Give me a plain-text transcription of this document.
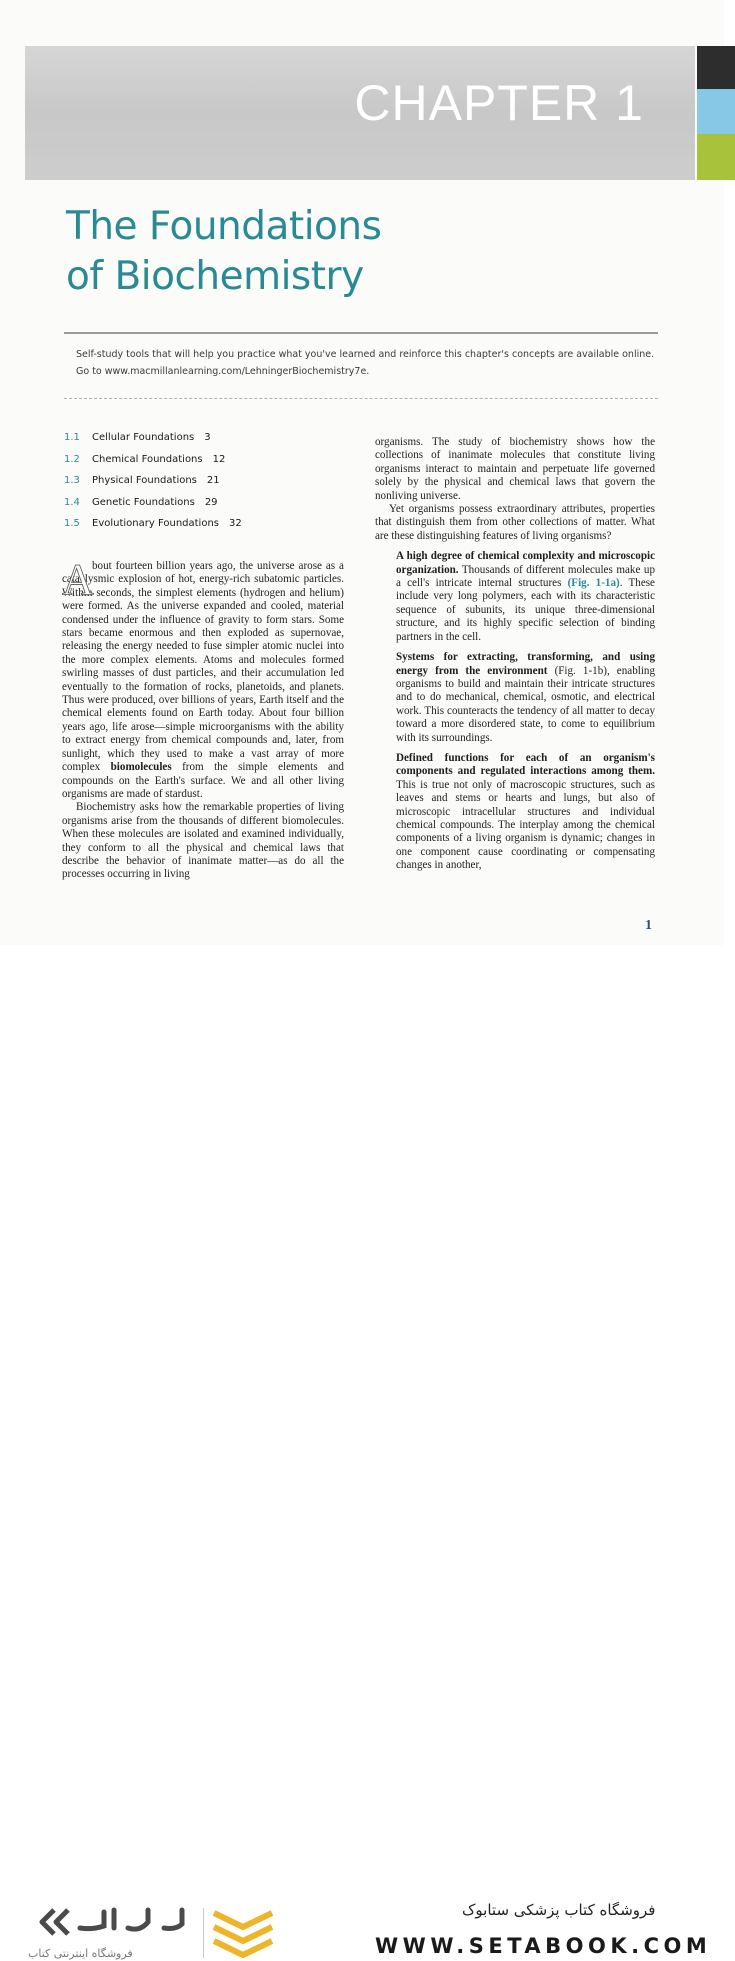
CHAPTER 1
The Foundations
of Biochemistry
Self-study tools that will help you practice what you've learned and reinforce this chapter's concepts are available online.
Go to www.macmillanlearning.com/LehningerBiochemistry7e.
1.1 Cellular Foundations 3
1.2 Chemical Foundations 12
1.3 Physical Foundations 21
1.4 Genetic Foundations 29
1.5 Evolutionary Foundations 32
A

bout fourteen billion years ago, the universe arose as a cataclysmic explosion of hot, energy-rich subatomic particles. Within seconds, the simplest elements (hydrogen and helium) were formed. As the universe expanded and cooled, material condensed under the influence of gravity to form stars. Some stars became enormous and then exploded as supernovae, releasing the energy needed to fuse simpler atomic nuclei into the more complex elements. Atoms and molecules formed swirling masses of dust particles, and their accumulation led eventually to the formation of rocks, planetoids, and planets. Thus were produced, over billions of years, Earth itself and the chemical elements found on Earth today. About four billion years ago, life arose—simple microorganisms with the ability to extract energy from chemical compounds and, later, from sunlight, which they used to make a vast array of more complex biomolecules from the simple elements and compounds on the Earth's surface. We and all other living organisms are made of stardust.

Biochemistry asks how the remarkable properties of living organisms arise from the thousands of different biomolecules. When these molecules are isolated and examined individually, they conform to all the physical and chemical laws that describe the behavior of inanimate matter—as do all the processes occurring in living

organisms. The study of biochemistry shows how the collections of inanimate molecules that constitute living organisms interact to maintain and perpetuate life governed solely by the physical and chemical laws that govern the nonliving universe.

Yet organisms possess extraordinary attributes, properties that distinguish them from other collections of matter. What are these distinguishing features of living organisms?

A high degree of chemical complexity and microscopic organization. Thousands of different molecules make up a cell's intricate internal structures (Fig. 1-1a). These include very long polymers, each with its characteristic sequence of subunits, its unique three-dimensional structure, and its highly specific selection of binding partners in the cell.

Systems for extracting, transforming, and using energy from the environment (Fig. 1-1b), enabling organisms to build and maintain their intricate structures and to do mechanical, chemical, osmotic, and electrical work. This counteracts the tendency of all matter to decay toward a more disordered state, to come to equilibrium with its surroundings.

Defined functions for each of an organism's components and regulated interactions among them. This is true not only of macroscopic structures, such as leaves and stems or hearts and lungs, but also of microscopic intracellular structures and individual chemical compounds. The interplay among the chemical components of a living organism is dynamic; changes in one component cause coordinating or compensating changes in another,

1
فروشگاه اینترنتی کتاب
فروشگاه کتاب پزشکی ستابوک
WWW.SETABOOK.COM
